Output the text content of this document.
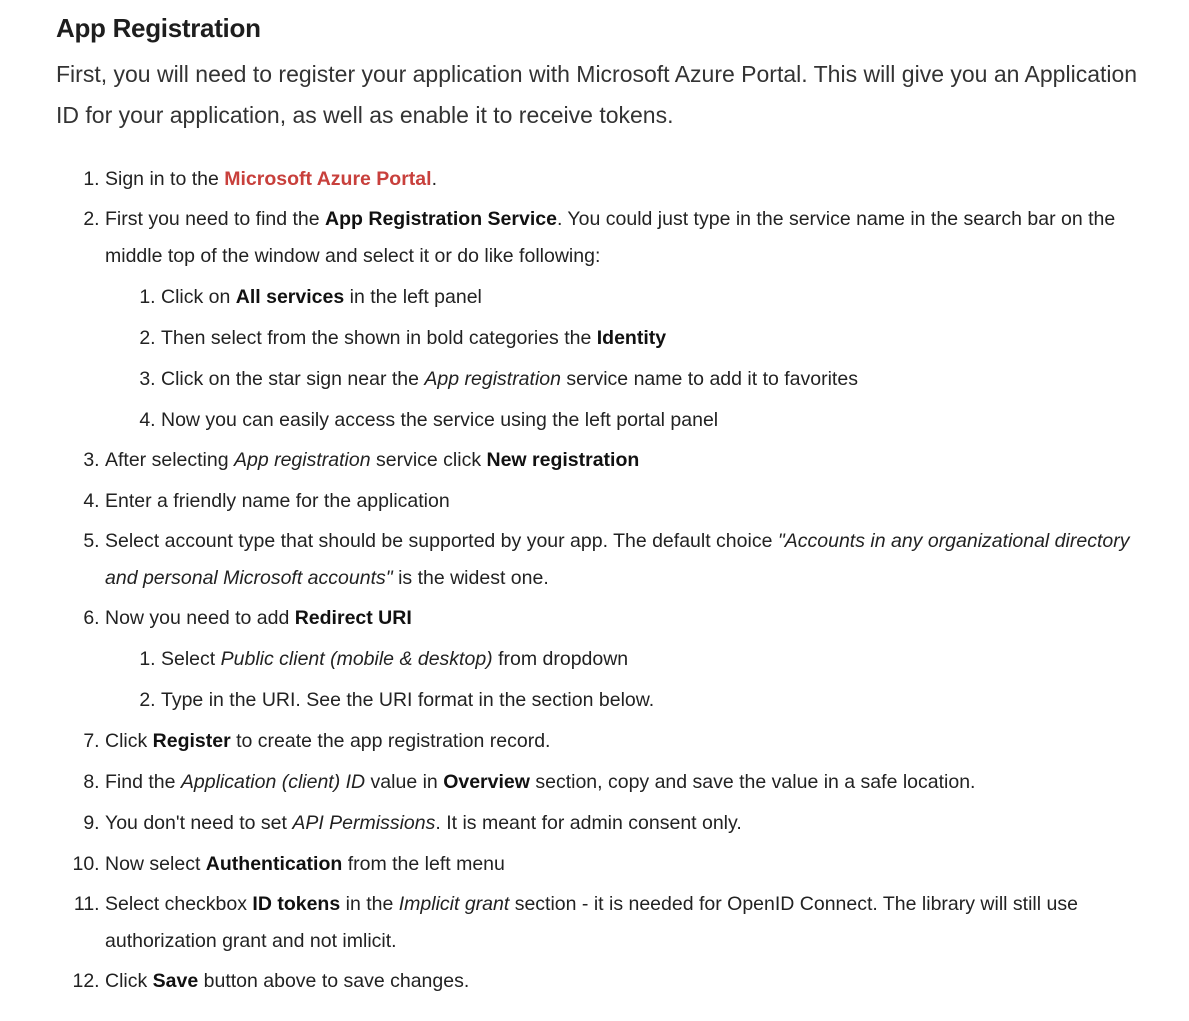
App Registration

First, you will need to register your application with Microsoft Azure Portal. This will give you an Application ID for your application, as well as enable it to receive tokens.

1. Sign in to the Microsoft Azure Portal.
2. First you need to find the App Registration Service. You could just type in the service name in the search bar on the middle top of the window and select it or do like following:
1. Click on All services in the left panel
2. Then select from the shown in bold categories the Identity
3. Click on the star sign near the App registration service name to add it to favorites
4. Now you can easily access the service using the left portal panel
3. After selecting App registration service click New registration
4. Enter a friendly name for the application
5. Select account type that should be supported by your app. The default choice "Accounts in any organizational directory and personal Microsoft accounts" is the widest one.
6. Now you need to add Redirect URI
1. Select Public client (mobile & desktop) from dropdown
2. Type in the URI. See the URI format in the section below.
7. Click Register to create the app registration record.
8. Find the Application (client) ID value in Overview section, copy and save the value in a safe location.
9. You don't need to set API Permissions. It is meant for admin consent only.
10. Now select Authentication from the left menu
11. Select checkbox ID tokens in the Implicit grant section - it is needed for OpenID Connect. The library will still use authorization grant and not imlicit.
12. Click Save button above to save changes.
